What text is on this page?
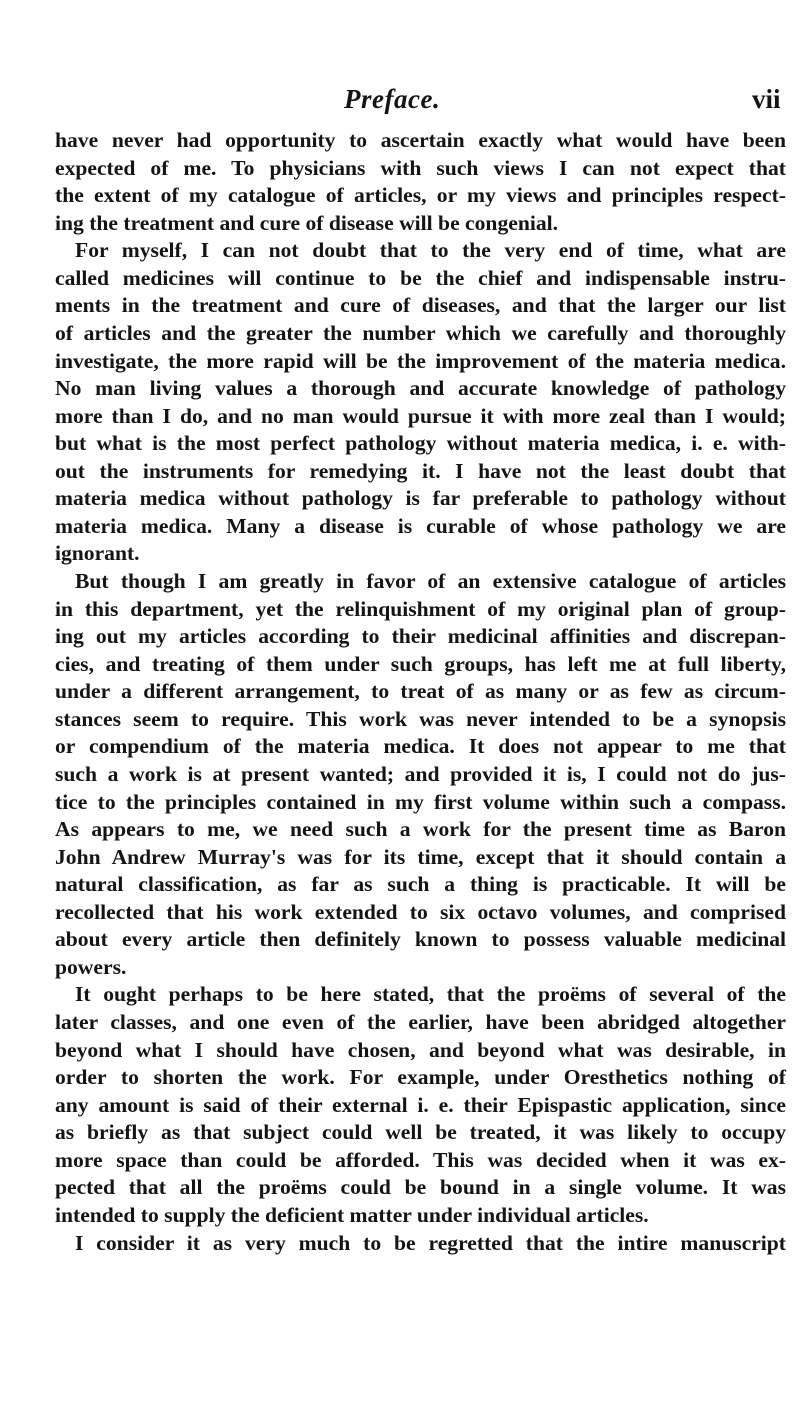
Preface.	vii

have never had opportunity to ascertain exactly what would have been
expected of me. To physicians with such views I can not expect that
the extent of my catalogue of articles, or my views and principles respect-
ing the treatment and cure of disease will be congenial.

For myself, I can not doubt that to the very end of time, what are
called medicines will continue to be the chief and indispensable instru-
ments in the treatment and cure of diseases, and that the larger our list
of articles and the greater the number which we carefully and thoroughly
investigate, the more rapid will be the improvement of the materia medica.
No man living values a thorough and accurate knowledge of pathology
more than I do, and no man would pursue it with more zeal than I would;
but what is the most perfect pathology without materia medica, i. e. with-
out the instruments for remedying it. I have not the least doubt that
materia medica without pathology is far preferable to pathology without
materia medica. Many a disease is curable of whose pathology we are
ignorant.

But though I am greatly in favor of an extensive catalogue of articles
in this department, yet the relinquishment of my original plan of group-
ing out my articles according to their medicinal affinities and discrepan-
cies, and treating of them under such groups, has left me at full liberty,
under a different arrangement, to treat of as many or as few as circum-
stances seem to require. This work was never intended to be a synopsis
or compendium of the materia medica. It does not appear to me that
such a work is at present wanted; and provided it is, I could not do jus-
tice to the principles contained in my first volume within such a compass.
As appears to me, we need such a work for the present time as Baron
John Andrew Murray's was for its time, except that it should contain a
natural classification, as far as such a thing is practicable. It will be
recollected that his work extended to six octavo volumes, and comprised
about every article then definitely known to possess valuable medicinal
powers.

It ought perhaps to be here stated, that the proëms of several of the
later classes, and one even of the earlier, have been abridged altogether
beyond what I should have chosen, and beyond what was desirable, in
order to shorten the work. For example, under Oresthetics nothing of
any amount is said of their external i. e. their Epispastic application, since
as briefly as that subject could well be treated, it was likely to occupy
more space than could be afforded. This was decided when it was ex-
pected that all the proëms could be bound in a single volume. It was
intended to supply the deficient matter under individual articles.

I consider it as very much to be regretted that the intire manuscript
